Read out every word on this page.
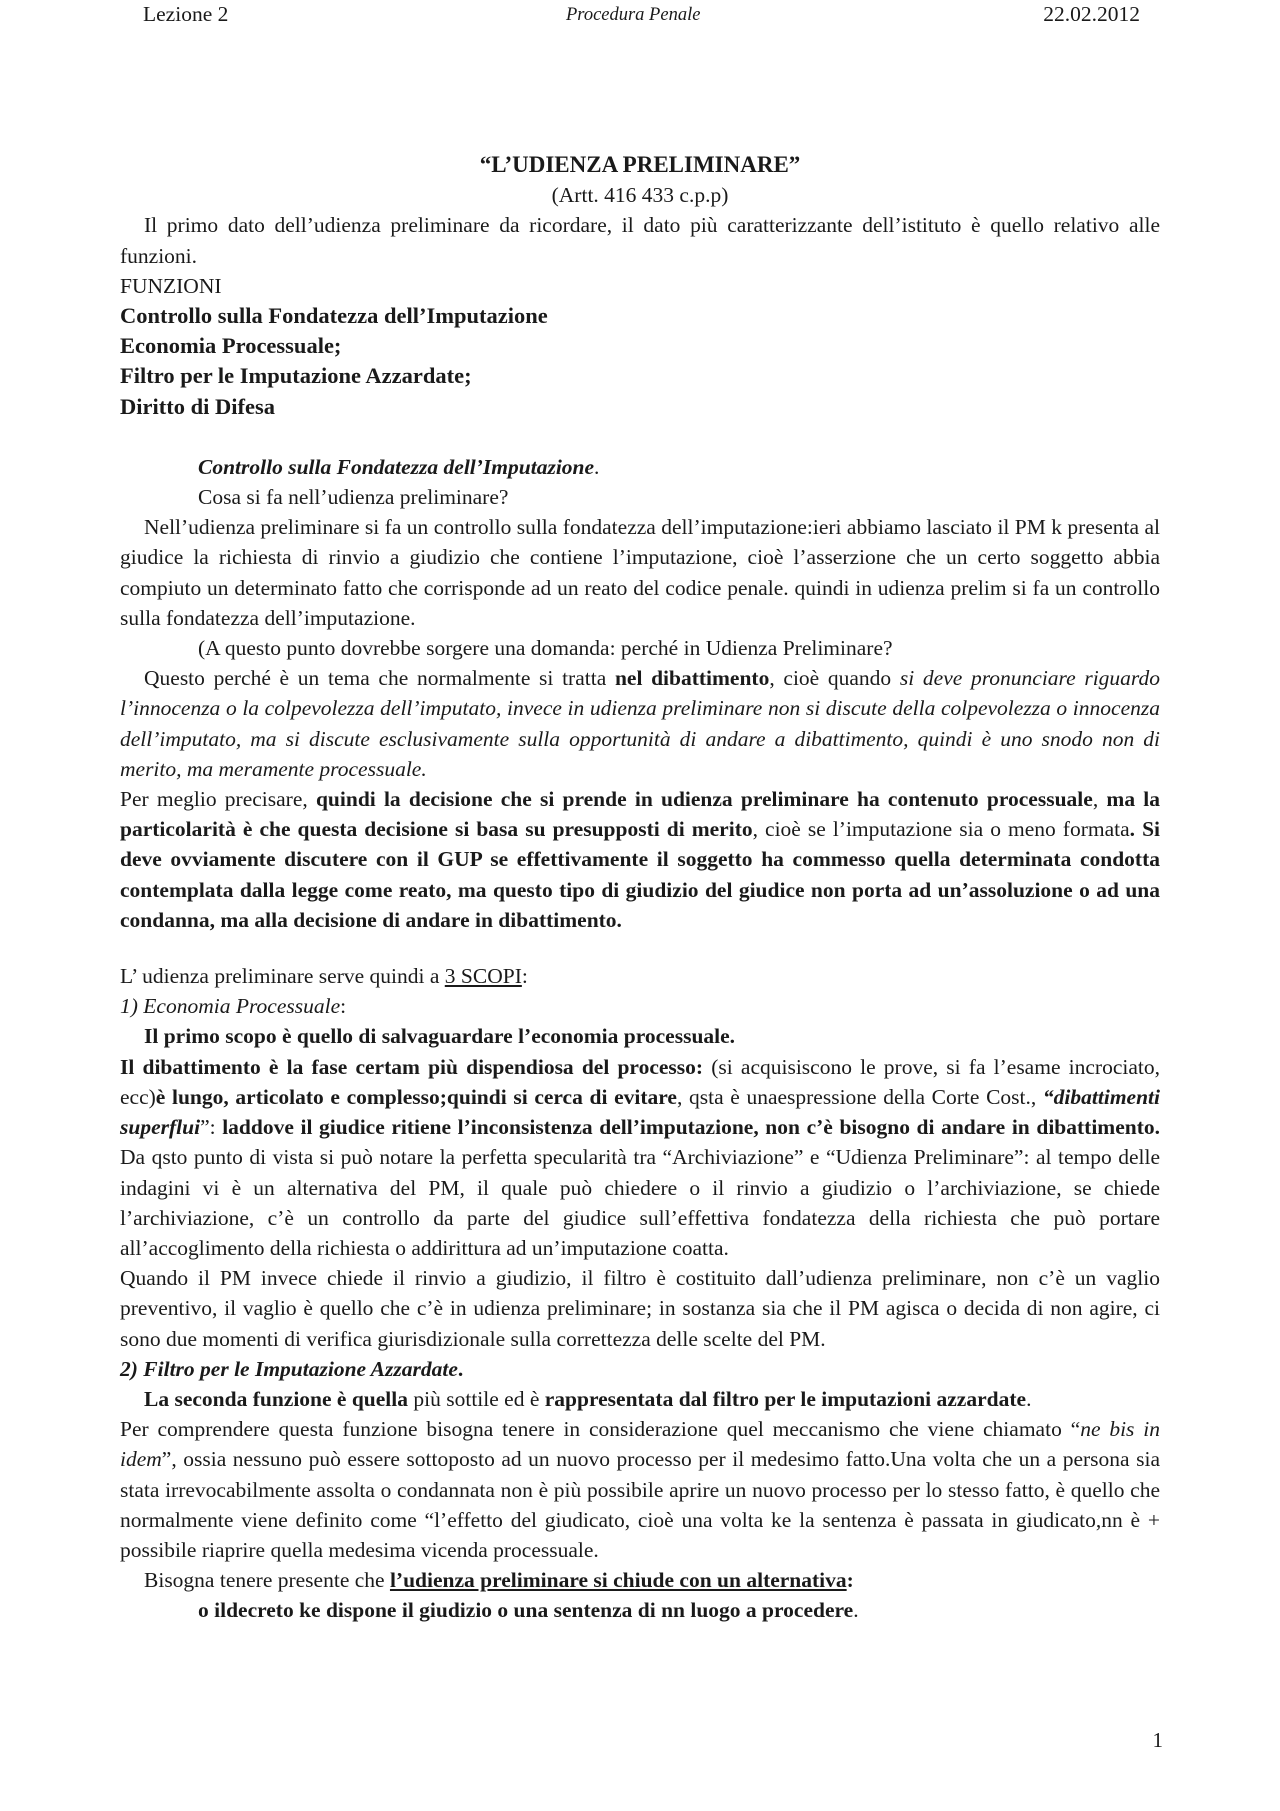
Lezione 2	Procedura Penale	22.02.2012

“L’UDIENZA PRELIMINARE”

(Artt. 416 433 c.p.p)

Il primo dato dell’udienza preliminare da ricordare, il dato più caratterizzante dell’istituto è quello relativo alle funzioni.

FUNZIONI

Controllo sulla Fondatezza dell’Imputazione

Economia Processuale;

Filtro per le Imputazione Azzardate;

Diritto di Difesa

Controllo sulla Fondatezza dell’Imputazione.

Cosa si fa nell’udienza preliminare?

Nell’udienza preliminare si fa un controllo sulla fondatezza dell’imputazione:ieri abbiamo lasciato il PM k presenta al giudice la richiesta di rinvio a giudizio che contiene l’imputazione, cioè l’asserzione che un certo soggetto abbia compiuto un determinato fatto che corrisponde ad un reato del codice penale. quindi in udienza prelim si fa un controllo sulla fondatezza dell’imputazione.

(A questo punto dovrebbe sorgere una domanda: perché in Udienza Preliminare?

Questo perché è un tema che normalmente si tratta nel dibattimento, cioè quando si deve pronunciare riguardo l’innocenza o la colpevolezza dell’imputato, invece in udienza preliminare non si discute della colpevolezza o innocenza dell’imputato, ma si discute esclusivamente sulla opportunità di andare a dibattimento, quindi è uno snodo non di merito, ma meramente processuale.

Per meglio precisare, quindi la decisione che si prende in udienza preliminare ha contenuto processuale, ma la particolarità è che questa decisione si basa su presupposti di merito, cioè se l’imputazione sia o meno formata. Si deve ovviamente discutere con il GUP se effettivamente il soggetto ha commesso quella determinata condotta contemplata dalla legge come reato, ma questo tipo di giudizio del giudice non porta ad un’assoluzione o ad una condanna, ma alla decisione di andare in dibattimento.

L’ udienza preliminare serve quindi a 3 SCOPI:

1) Economia Processuale:

Il primo scopo è quello di salvaguardare l’economia processuale.

Il dibattimento è la fase certam più dispendiosa del processo: (si acquisiscono le prove, si fa l’esame incrociato, ecc)è lungo, articolato e complesso;quindi si cerca di evitare, qsta è unaespressione della Corte Cost., “dibattimenti superflui”: laddove il giudice ritiene l’inconsistenza dell’imputazione, non c’è bisogno di andare in dibattimento. Da qsto punto di vista si può notare la perfetta specularità tra “Archiviazione” e “Udienza Preliminare”: al tempo delle indagini vi è un alternativa del PM, il quale può chiedere o il rinvio a giudizio o l’archiviazione, se chiede l’archiviazione, c’è un controllo da parte del giudice sull’effettiva fondatezza della richiesta che può portare all’accoglimento della richiesta o addirittura ad un’imputazione coatta.

Quando il PM invece chiede il rinvio a giudizio, il filtro è costituito dall’udienza preliminare, non c’è un vaglio preventivo, il vaglio è quello che c’è in udienza preliminare; in sostanza sia che il PM agisca o decida di non agire, ci sono due momenti di verifica giurisdizionale sulla correttezza delle scelte del PM.

2) Filtro per le Imputazione Azzardate.

La seconda funzione è quella più sottile ed è rappresentata dal filtro per le imputazioni azzardate.

Per comprendere questa funzione bisogna tenere in considerazione quel meccanismo che viene chiamato “ne bis in idem”, ossia nessuno può essere sottoposto ad un nuovo processo per il medesimo fatto.Una volta che un a persona sia stata irrevocabilmente assolta o condannata non è più possibile aprire un nuovo processo per lo stesso fatto, è quello che normalmente viene definito come “l’effetto del giudicato, cioè una volta ke la sentenza è passata in giudicato,nn è + possibile riaprire quella medesima vicenda processuale.

Bisogna tenere presente che l’udienza preliminare si chiude con un alternativa:

o ildecreto ke dispone il giudizio o una sentenza di nn luogo a procedere.

1
